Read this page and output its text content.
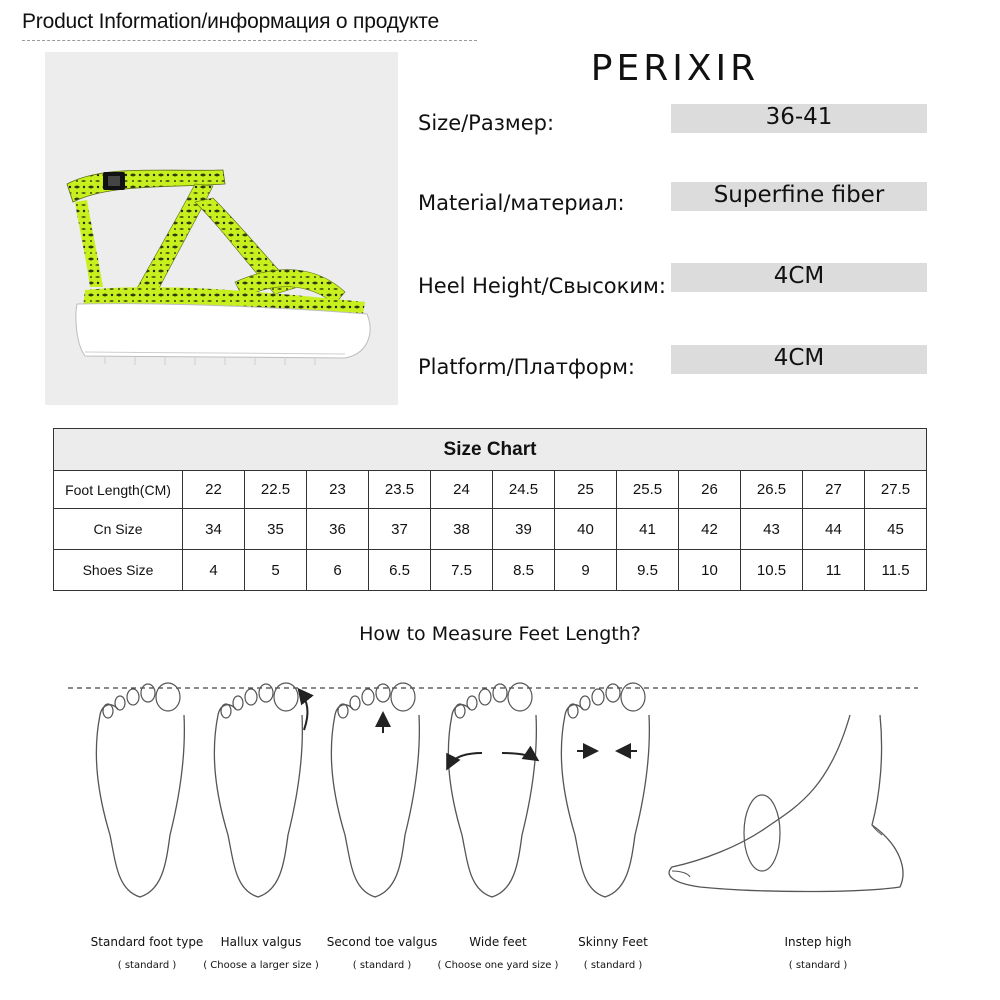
Product Information/информация о продукте
PERIXIR
Size/Размер:	36-41
Material/материал:	Superfine fiber
Heel Height/Свысоким:	4CM
Platform/Платформ:	4CM
Size Chart												
Foot Length(CM)	22	22.5	23	23.5	24	24.5	25	25.5	26	26.5	27	27.5
Cn Size	34	35	36	37	38	39	40	41	42	43	44	45
Shoes Size	4	5	6	6.5	7.5	8.5	9	9.5	10	10.5	11	11.5
How to Measure Feet Length?
Standard foot type
( standard )
Hallux valgus
( Choose a larger size )
Second toe valgus
( standard )
Wide feet
( Choose one yard size )
Skinny Feet
( standard )
Instep high
( standard )
